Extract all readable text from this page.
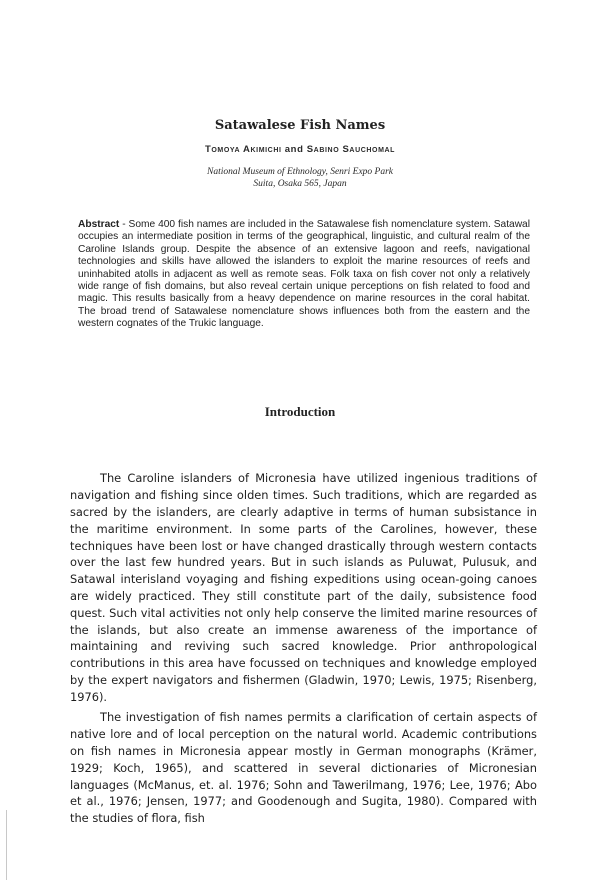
Satawalese Fish Names
Tomoya Akimichi and Sabino Sauchomal
National Museum of Ethnology, Senri Expo Park
Suita, Osaka 565, Japan
Abstract - Some 400 fish names are included in the Satawalese fish nomenclature system. Satawal occupies an intermediate position in terms of the geographical, linguistic, and cultural realm of the Caroline Islands group. Despite the absence of an extensive lagoon and reefs, navigational technologies and skills have allowed the islanders to exploit the marine resources of reefs and uninhabited atolls in adjacent as well as remote seas. Folk taxa on fish cover not only a relatively wide range of fish domains, but also reveal certain unique perceptions on fish related to food and magic. This results basically from a heavy dependence on marine resources in the coral habitat. The broad trend of Satawalese nomenclature shows influences both from the eastern and the western cognates of the Trukic language.
Introduction

The Caroline islanders of Micronesia have utilized ingenious traditions of navigation and fishing since olden times. Such traditions, which are regarded as sacred by the islanders, are clearly adaptive in terms of human subsistance in the maritime environment. In some parts of the Carolines, however, these techniques have been lost or have changed drastically through western contacts over the last few hundred years. But in such islands as Puluwat, Pulusuk, and Satawal interisland voyaging and fishing expeditions using ocean-going canoes are widely practiced. They still constitute part of the daily, subsistence food quest. Such vital activities not only help conserve the limited marine resources of the islands, but also create an immense awareness of the importance of maintaining and reviving such sacred knowledge. Prior anthropological contributions in this area have focussed on techniques and knowledge employed by the expert navigators and fishermen (Gladwin, 1970; Lewis, 1975; Risenberg, 1976).

The investigation of fish names permits a clarification of certain aspects of native lore and of local perception on the natural world. Academic contributions on fish names in Micronesia appear mostly in German monographs (Krämer, 1929; Koch, 1965), and scattered in several dictionaries of Micronesian languages (McManus, et. al. 1976; Sohn and Tawerilmang, 1976; Lee, 1976; Abo et al., 1976; Jensen, 1977; and Goodenough and Sugita, 1980). Compared with the studies of flora, fish
